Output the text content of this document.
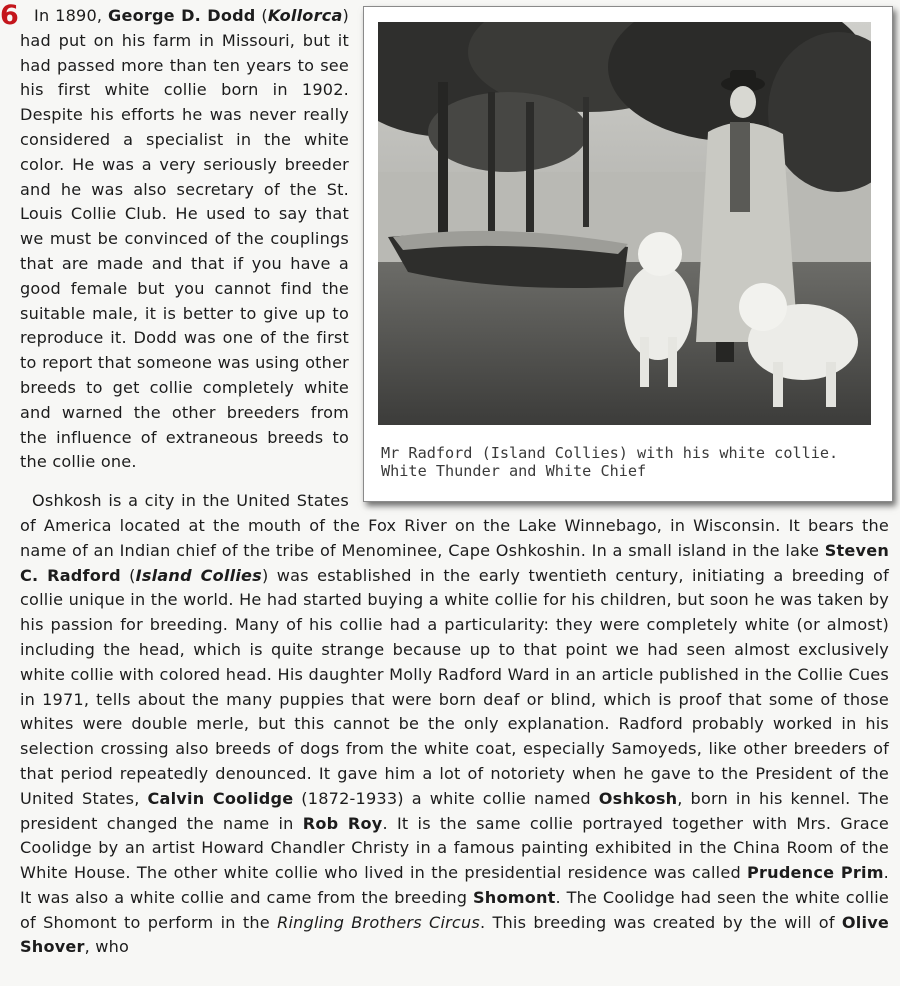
6
Mr Radford (Island Collies) with his white collie. White Thunder and White Chief

In 1890, George D. Dodd (Kollorca) had put on his farm in Missouri, but it had passed more than ten years to see his first white collie born in 1902. Despite his efforts he was never really considered a specialist in the white color. He was a very seriously breeder and he was also secretary of the St. Louis Collie Club. He used to say that we must be convinced of the couplings that are made and that if you have a good female but you cannot find the suitable male, it is better to give up to reproduce it. Dodd was one of the first to report that someone was using other breeds to get collie completely white and warned the other breeders from the influence of extraneous breeds to the collie one.

Oshkosh is a city in the United States of America located at the mouth of the Fox River on the Lake Winnebago, in Wisconsin. It bears the name of an Indian chief of the tribe of Menominee, Cape Oshkoshin. In a small island in the lake Steven C. Radford (Island Collies) was established in the early twentieth century, initiating a breeding of collie unique in the world. He had started buying a white collie for his children, but soon he was taken by his passion for breeding. Many of his collie had a particularity: they were completely white (or almost) including the head, which is quite strange because up to that point we had seen almost exclusively white collie with colored head. His daughter Molly Radford Ward in an article published in the Collie Cues in 1971, tells about the many puppies that were born deaf or blind, which is proof that some of those whites were double merle, but this cannot be the only explanation. Radford probably worked in his selection crossing also breeds of dogs from the white coat, especially Samoyeds, like other breeders of that period repeatedly denounced. It gave him a lot of notoriety when he gave to the President of the United States, Calvin Coolidge (1872-1933) a white collie named Oshkosh, born in his kennel. The president changed the name in Rob Roy. It is the same collie portrayed together with Mrs. Grace Coolidge by an artist Howard Chandler Christy in a famous painting exhibited in the China Room of the White House. The other white collie who lived in the presidential residence was called Prudence Prim. It was also a white collie and came from the breeding Shomont. The Coolidge had seen the white collie of Shomont to perform in the Ringling Brothers Circus. This breeding was created by the will of Olive Shover, who
